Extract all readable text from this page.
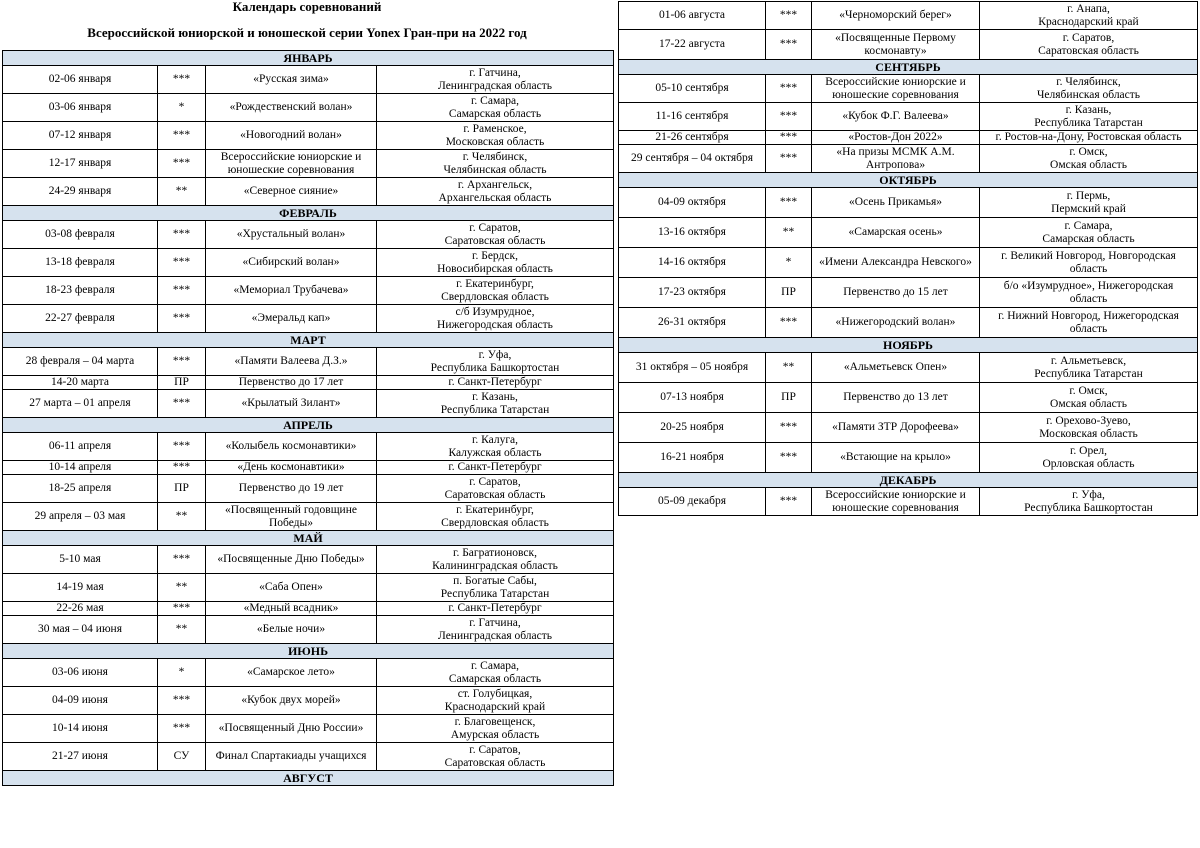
Календарь соревнований
Всероссийской юниорской и юношеской серии Yonex Гран-при на 2022 год
ЯНВАРЬ			
02-06 января	***	«Русская зима»	г. Гатчина,
Ленинградская область

03-06 января	*	«Рождественский волан»	г. Самара,
Самарская область

07-12 января	***	«Новогодний волан»	г. Раменское,
Московская область

12-17 января	***	Всероссийские юниорские и юношеские соревнования	г. Челябинск,
Челябинская область

24-29 января	**	«Северное сияние»	г. Архангельск,
Архангельская область

ФЕВРАЛЬ			
03-08 февраля	***	«Хрустальный волан»	г. Саратов,
Саратовская область

13-18 февраля	***	«Сибирский волан»	г. Бердск,
Новосибирская область

18-23 февраля	***	«Мемориал Трубачева»	г. Екатеринбург,
Свердловская область

22-27 февраля	***	«Эмеральд кап»	с/б Изумрудное,
Нижегородская область

МАРТ			
28 февраля – 04 марта	***	«Памяти Валеева Д.З.»	г. Уфа,
Республика Башкортостан

14-20 марта	ПР	Первенство до 17 лет	г. Санкт-Петербург

27 марта – 01 апреля	***	«Крылатый Зилант»	г. Казань,
Республика Татарстан

АПРЕЛЬ			
06-11 апреля	***	«Колыбель космонавтики»	г. Калуга,
Калужская область

10-14 апреля	***	«День космонавтики»	г. Санкт-Петербург

18-25 апреля	ПР	Первенство до 19 лет	г. Саратов,
Саратовская область

29 апреля – 03 мая	**	«Посвященный годовщине Победы»	г. Екатеринбург,
Свердловская область

МАЙ			
5-10 мая	***	«Посвященные Дню Победы»	г. Багратионовск,
Калининградская область

14-19 мая	**	«Саба Опен»	п. Богатые Сабы,
Республика Татарстан

22-26 мая	***	«Медный всадник»	г. Санкт-Петербург

30 мая – 04 июня	**	«Белые ночи»	г. Гатчина,
Ленинградская область

ИЮНЬ			
03-06 июня	*	«Самарское лето»	г. Самара,
Самарская область

04-09 июня	***	«Кубок двух морей»	ст. Голубицкая,
Краснодарский край

10-14 июня	***	«Посвященный Дню России»	г. Благовещенск,
Амурская область

21-27 июня	СУ	Финал Спартакиады учащихся	г. Саратов,
Саратовская область

АВГУСТ			
01-06 августа	***	«Черноморский берег»	г. Анапа,
Краснодарский край

17-22 августа	***	«Посвященные Первому космонавту»	г. Саратов,
Саратовская область

СЕНТЯБРЬ			
05-10 сентября	***	Всероссийские юниорские и юношеские соревнования	г. Челябинск,
Челябинская область

11-16 сентября	***	«Кубок Ф.Г. Валеева»	г. Казань,
Республика Татарстан

21-26 сентября	***	«Ростов-Дон 2022»	г. Ростов-на-Дону, Ростовская область

29 сентября – 04 октября	***	«На призы МСМК А.М. Антропова»	г. Омск,
Омская область

ОКТЯБРЬ			
04-09 октября	***	«Осень Прикамья»	г. Пермь,
Пермский край

13-16 октября	**	«Самарская осень»	г. Самара,
Самарская область

14-16 октября	*	«Имени Александра Невского»	г. Великий Новгород, Новгородская
область

17-23 октября	ПР	Первенство до 15 лет	б/о «Изумрудное», Нижегородская
область

26-31 октября	***	«Нижегородский волан»	г. Нижний Новгород, Нижегородская
область

НОЯБРЬ			
31 октября – 05 ноября	**	«Альметьевск Опен»	г. Альметьевск,
Республика Татарстан

07-13 ноября	ПР	Первенство до 13 лет	г. Омск,
Омская область

20-25 ноября	***	«Памяти ЗТР Дорофеева»	г. Орехово-Зуево,
Московская область

16-21 ноября	***	«Встающие на крыло»	г. Орел,
Орловская область

ДЕКАБРЬ			
05-09 декабря	***	Всероссийские юниорские и юношеские соревнования	г. Уфа,
Республика Башкортостан
